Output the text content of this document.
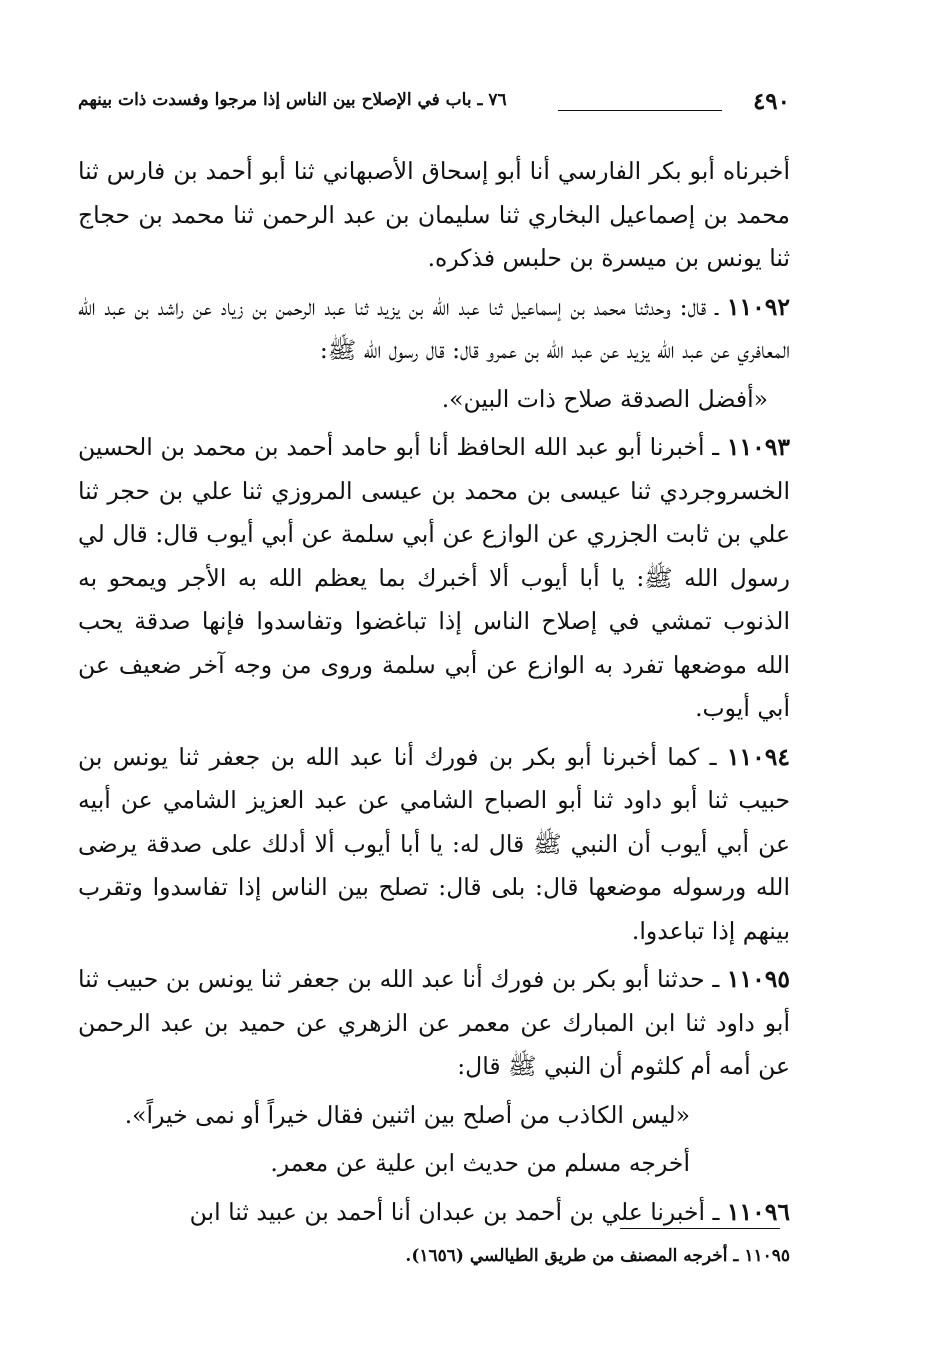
٤٩٠
٧٦ ـ باب في الإصلاح بين الناس إذا مرجوا وفسدت ذات بينهم

أخبرناه أبو بكر الفارسي أنا أبو إسحاق الأصبهاني ثنا أبو أحمد بن فارس ثنا محمد بن إصماعيل البخاري ثنا سليمان بن عبد الرحمن ثنا محمد بن حجاج ثنا يونس بن ميسرة بن حلبس فذكره.

١١٠٩٢ ـ قال: وحدثنا محمد بن إسماعيل ثنا عبد الله بن يزيد ثنا عبد الرحمن بن زياد عن راشد بن عبد الله المعافري عن عبد الله يزيد عن عبد الله بن عمرو قال: قال رسول الله ﷺ:

«أفضل الصدقة صلاح ذات البين».

١١٠٩٣ ـ أخبرنا أبو عبد الله الحافظ أنا أبو حامد أحمد بن محمد بن الحسين الخسروجردي ثنا عيسى بن محمد بن عيسى المروزي ثنا علي بن حجر ثنا علي بن ثابت الجزري عن الوازع عن أبي سلمة عن أبي أيوب قال: قال لي رسول الله ﷺ: يا أبا أيوب ألا أخبرك بما يعظم الله به الأجر ويمحو به الذنوب تمشي في إصلاح الناس إذا تباغضوا وتفاسدوا فإنها صدقة يحب الله موضعها تفرد به الوازع عن أبي سلمة وروى من وجه آخر ضعيف عن أبي أيوب.

١١٠٩٤ ـ كما أخبرنا أبو بكر بن فورك أنا عبد الله بن جعفر ثنا يونس بن حبيب ثنا أبو داود ثنا أبو الصباح الشامي عن عبد العزيز الشامي عن أبيه عن أبي أيوب أن النبي ﷺ قال له: يا أبا أيوب ألا أدلك على صدقة يرضى الله ورسوله موضعها قال: بلى قال: تصلح بين الناس إذا تفاسدوا وتقرب بينهم إذا تباعدوا.

١١٠٩٥ ـ حدثنا أبو بكر بن فورك أنا عبد الله بن جعفر ثنا يونس بن حبيب ثنا أبو داود ثنا ابن المبارك عن معمر عن الزهري عن حميد بن عبد الرحمن عن أمه أم كلثوم أن النبي ﷺ قال:

«ليس الكاذب من أصلح بين اثنين فقال خيراً أو نمى خيراً».

أخرجه مسلم من حديث ابن علية عن معمر.

١١٠٩٦ ـ أخبرنا علي بن أحمد بن عبدان أنا أحمد بن عبيد ثنا ابن

١١٠٩٥ ـ أخرجه المصنف من طريق الطيالسي (١٦٥٦).
